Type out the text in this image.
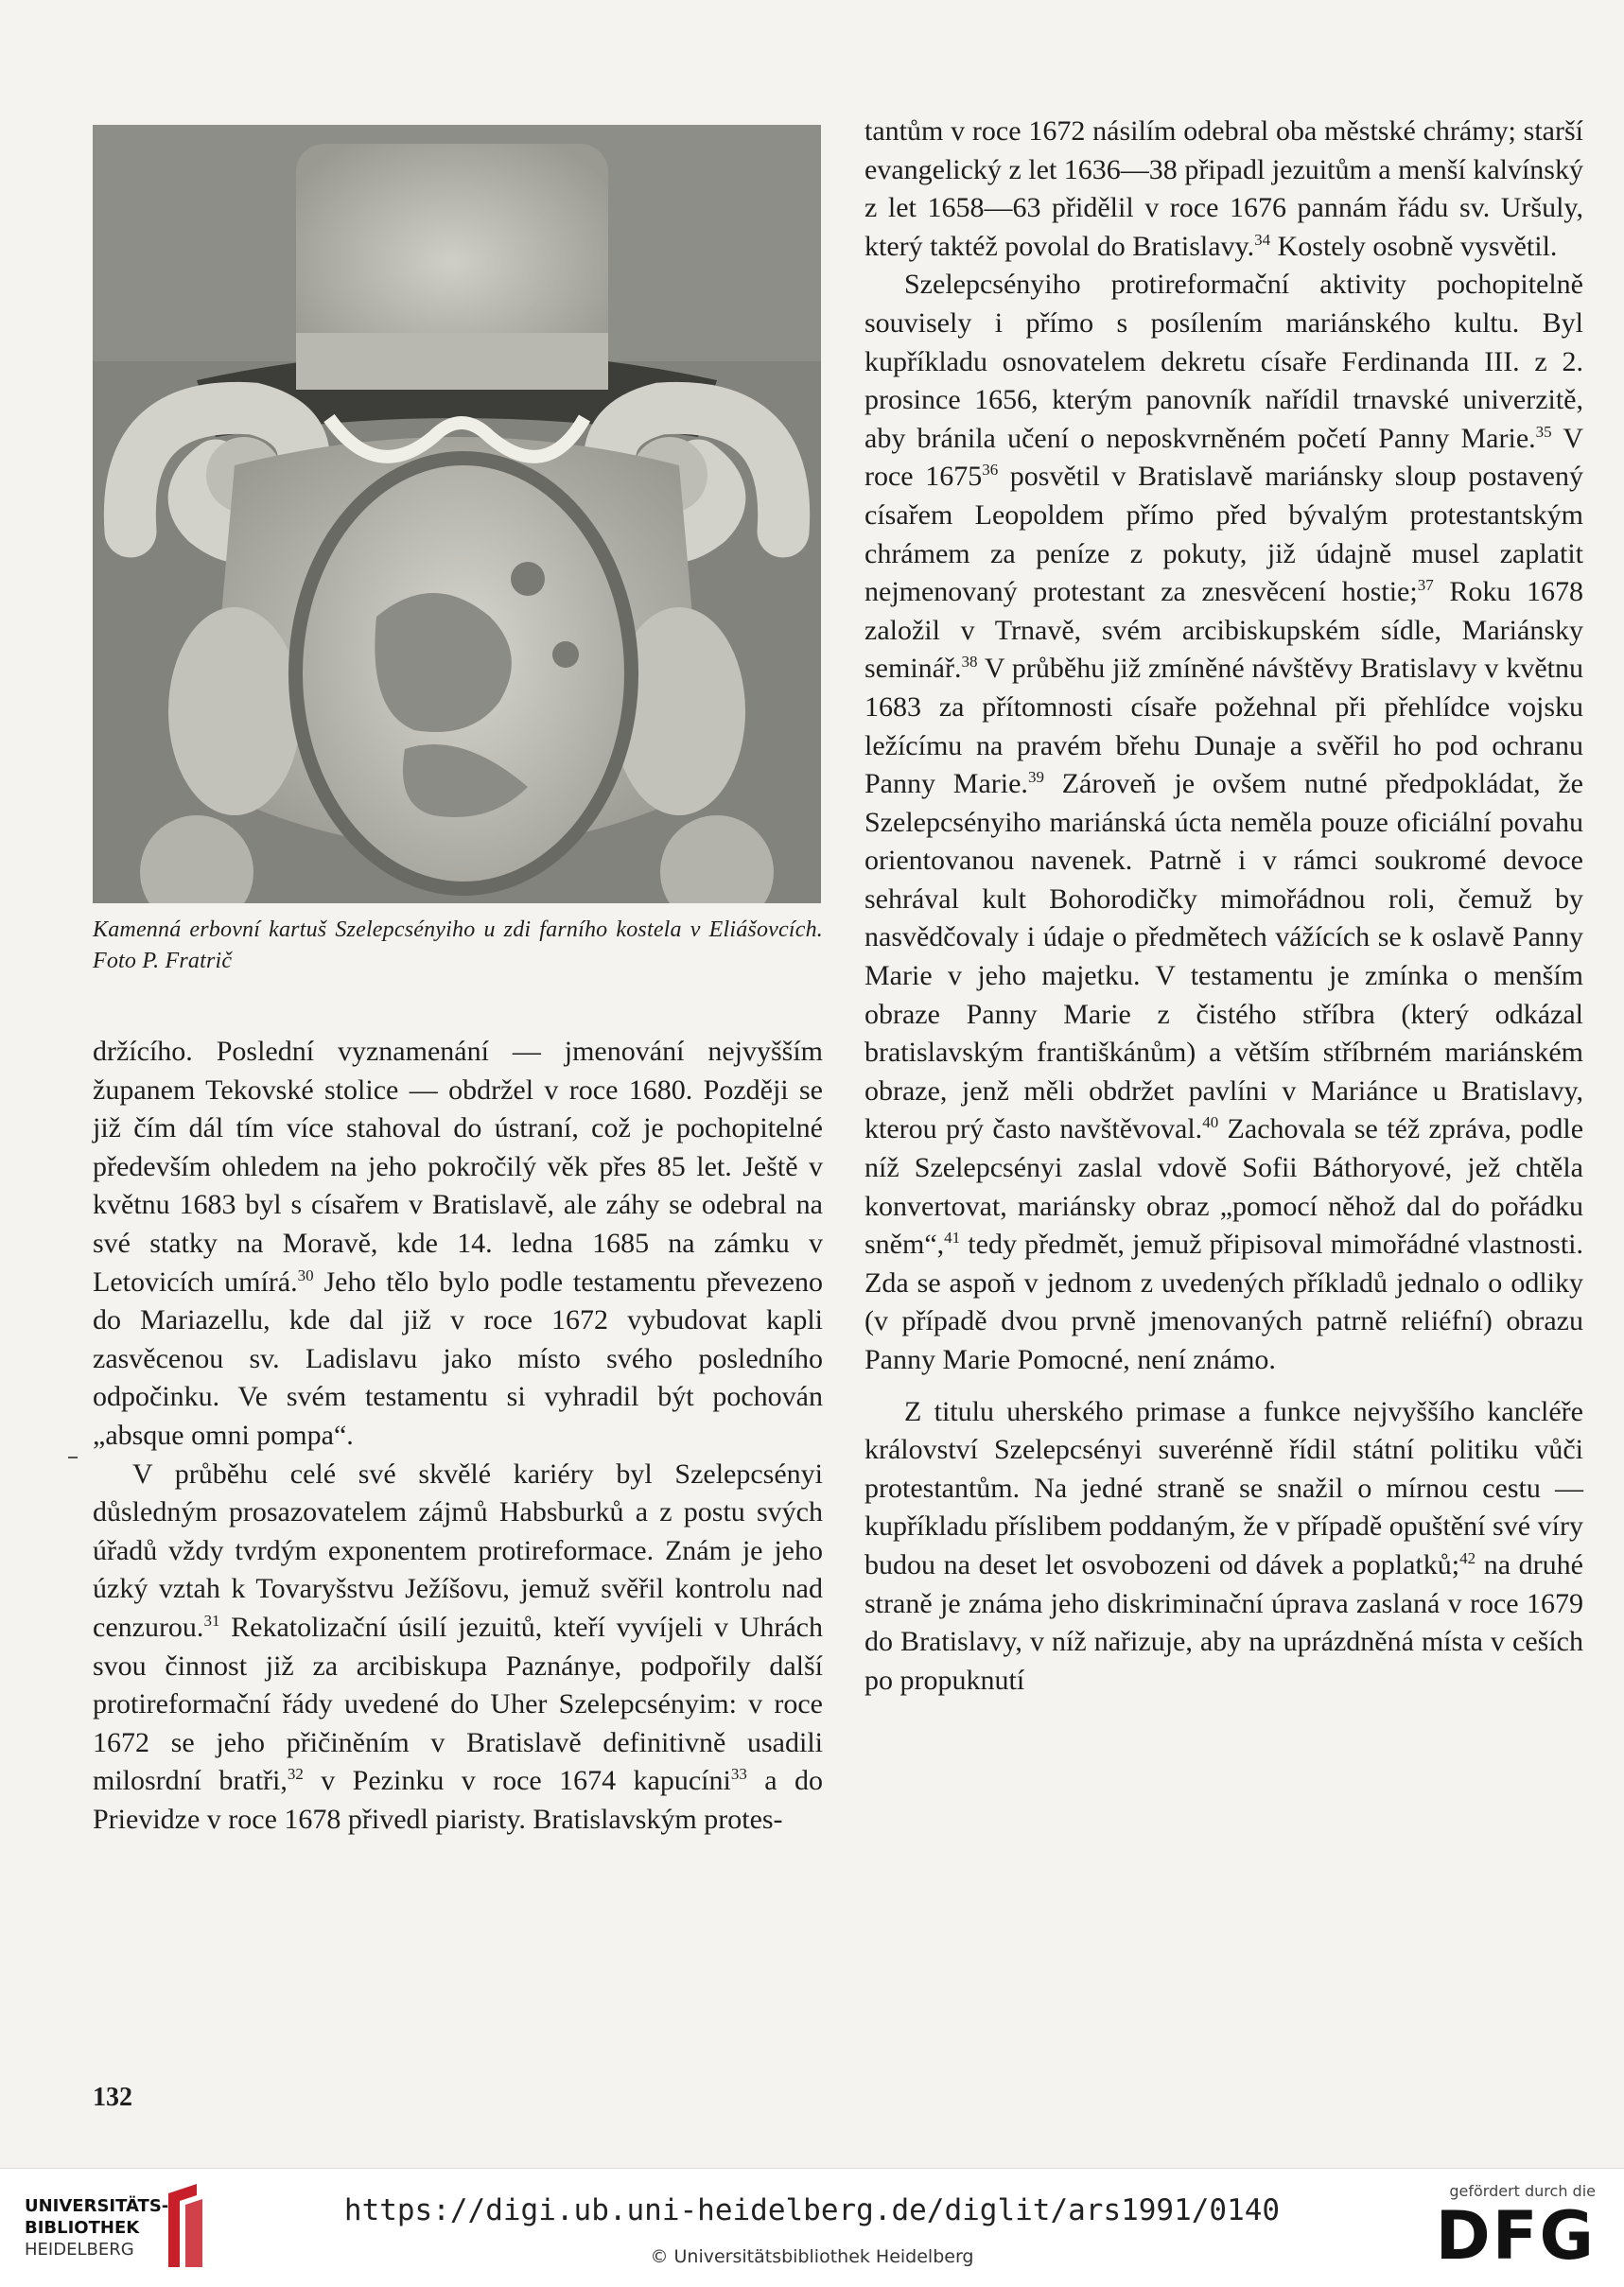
Kamenná erbovní kartuš Szelepcsényiho u zdi farního kostela v Eliášovcích. Foto P. Fratrič

držícího. Poslední vyznamenání — jmenování nejvyšším županem Tekovské stolice — obdržel v roce 1680. Později se již čím dál tím více stahoval do ústraní, což je pochopitelné především ohledem na jeho pokročilý věk přes 85 let. Ještě v květnu 1683 byl s císařem v Bratislavě, ale záhy se odebral na své statky na Moravě, kde 14. ledna 1685 na zámku v Letovicích umírá.$^{30}$ Jeho tělo bylo podle testamentu převezeno do Mariazellu, kde dal již v roce 1672 vybudovat kapli zasvěcenou sv. Ladislavu jako místo svého posledního odpočinku. Ve svém testamentu si vyhradil být pochován „absque omni pompa“.

V průběhu celé své skvělé kariéry byl Szelepcsényi důsledným prosazovatelem zájmů Habsburků a z postu svých úřadů vždy tvrdým exponentem protireformace. Znám je jeho úzký vztah k Tovaryšstvu Ježíšovu, jemuž svěřil kontrolu nad cenzurou.$^{31}$ Rekatolizační úsilí jezuitů, kteří vyvíjeli v Uhrách svou činnost již za arcibiskupa Paznánye, podpořily další protireformační řády uvedené do Uher Szelepcsényim: v roce 1672 se jeho přičiněním v Bratislavě definitivně usadili milosrdní bratři,$^{32}$ v Pezinku v roce 1674 kapucíni$^{33}$ a do Prievidze v roce 1678 přivedl piaristy. Bratislavským protes-

tantům v roce 1672 násilím odebral oba městské chrámy; starší evangelický z let 1636—38 připadl jezuitům a menší kalvínský z let 1658—63 přidělil v roce 1676 pannám řádu sv. Uršuly, který taktéž povolal do Bratislavy.$^{34}$ Kostely osobně vysvětil.

Szelepcsényiho protireformační aktivity pochopitelně souvisely i přímo s posílením mariánského kultu. Byl kupříkladu osnovatelem dekretu císaře Ferdinanda III. z 2. prosince 1656, kterým panovník nařídil trnavské univerzitě, aby bránila učení o neposkvrněném početí Panny Marie.$^{35}$ V roce 1675$^{36}$ posvětil v Bratislavě mariánsky sloup postavený císařem Leopoldem přímo před bývalým protestantským chrámem za peníze z pokuty, již údajně musel zaplatit nejmenovaný protestant za znesvěcení hostie;$^{37}$ Roku 1678 založil v Trnavě, svém arcibiskupském sídle, Mariánsky seminář.$^{38}$ V průběhu již zmíněné návštěvy Bratislavy v květnu 1683 za přítomnosti císaře požehnal při přehlídce vojsku ležícímu na pravém břehu Dunaje a svěřil ho pod ochranu Panny Marie.$^{39}$ Zároveň je ovšem nutné předpokládat, že Szelepcsényiho mariánská úcta neměla pouze oficiální povahu orientovanou navenek. Patrně i v rámci soukromé devoce sehrával kult Bohorodičky mimořádnou roli, čemuž by nasvědčovaly i údaje o předmětech vážících se k oslavě Panny Marie v jeho majetku. V testamentu je zmínka o menším obraze Panny Marie z čistého stříbra (který odkázal bratislavským františkánům) a větším stříbrném mariánském obraze, jenž měli obdržet pavlíni v Mariánce u Bratislavy, kterou prý často navštěvoval.$^{40}$ Zachovala se též zpráva, podle níž Szelepcsényi zaslal vdově Sofii Báthoryové, jež chtěla konvertovat, mariánsky obraz „pomocí něhož dal do pořádku sněm“,$^{41}$ tedy předmět, jemuž připisoval mimořádné vlastnosti. Zda se aspoň v jednom z uvedených příkladů jednalo o odliky (v případě dvou prvně jmenovaných patrně reliéfní) obrazu Panny Marie Pomocné, není známo.

Z titulu uherského primase a funkce nejvyššího kancléře království Szelepcsényi suverénně řídil státní politiku vůči protestantům. Na jedné straně se snažil o mírnou cestu — kupříkladu příslibem poddaným, že v případě opuštění své víry budou na deset let osvobozeni od dávek a poplatků;$^{42}$ na druhé straně je známa jeho diskriminační úprava zaslaná v roce 1679 do Bratislavy, v níž nařizuje, aby na uprázdněná místa v ceších po propuknutí

132
UNIVERSITÄTS-
BIBLIOTHEK
HEIDELBERG
https://digi.ub.uni-heidelberg.de/diglit/ars1991/0140
© Universitätsbibliothek Heidelberg
gefördert durch die
DFG
